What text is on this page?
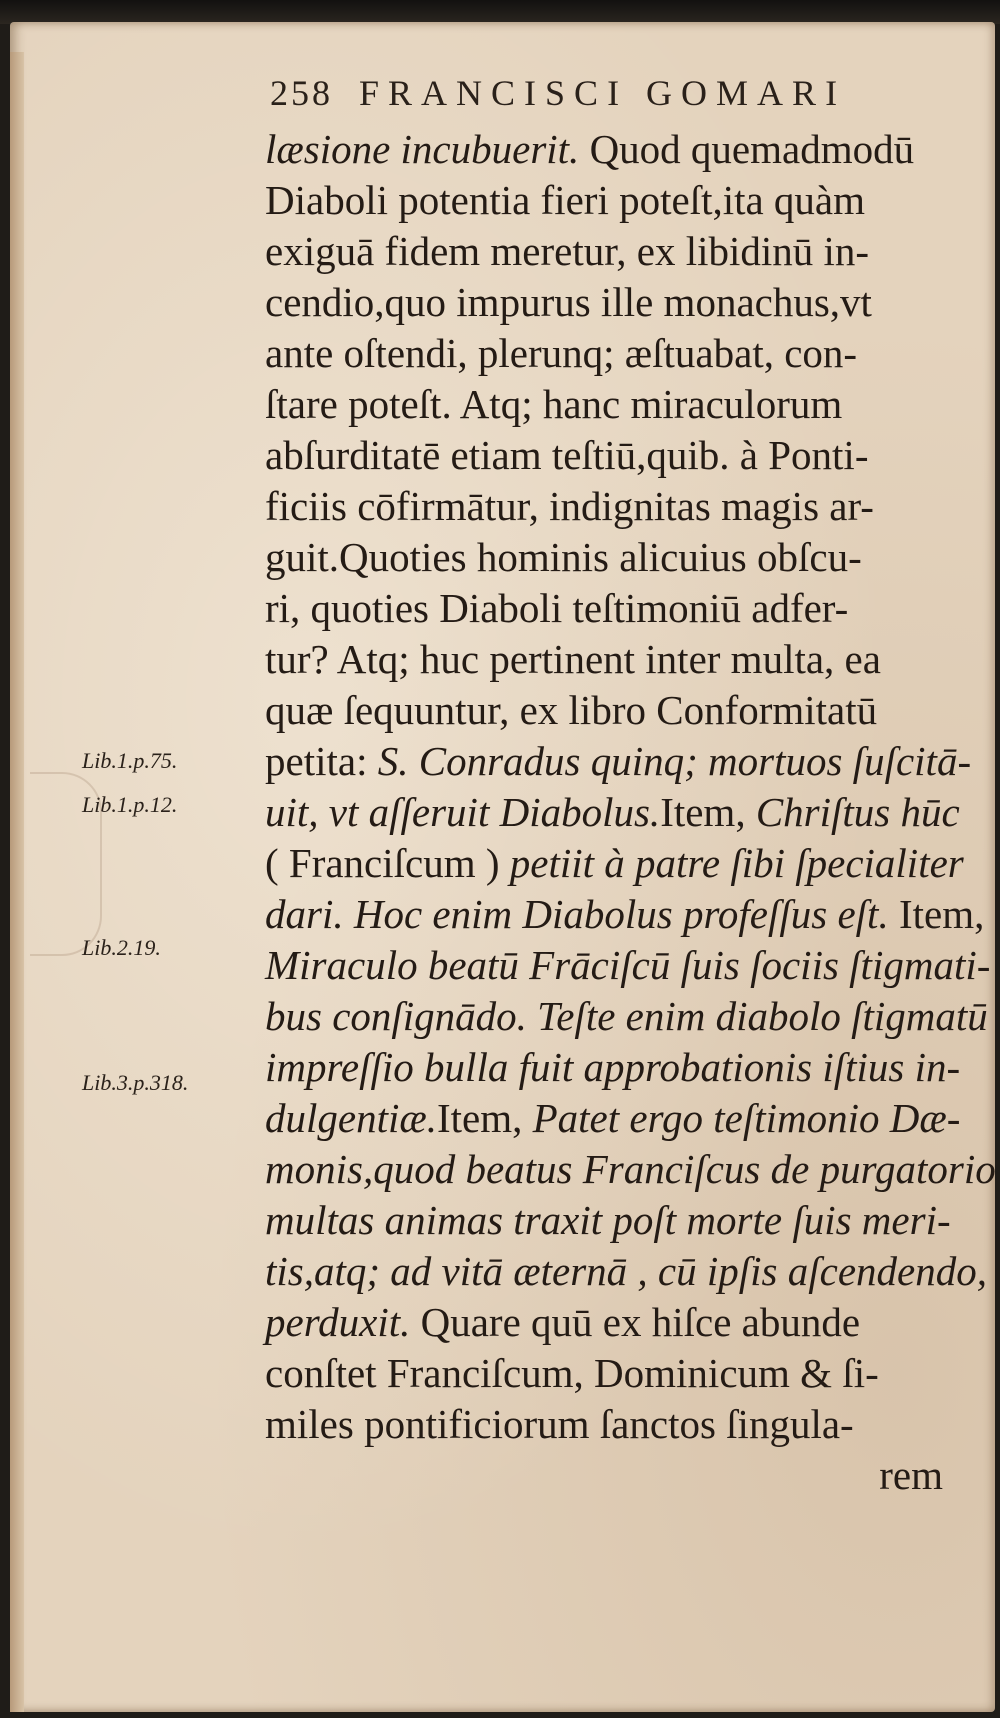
258 FRANCISCI GOMARI
læsione incubuerit. Quod quemadmodū
Diaboli potentia fieri poteſt,ita quàm
exiguā fidem meretur, ex libidinū in-
cendio,quo impurus ille monachus,vt
ante oſtendi, plerunq; æſtuabat, con-
ſtare poteſt. Atq; hanc miraculorum
abſurditatē etiam teſtiū,quib. à Ponti-
ficiis cōfirmātur, indignitas magis ar-
guit.Quoties hominis alicuius obſcu-
ri, quoties Diaboli teſtimoniū adfer-
tur? Atq; huc pertinent inter multa, ea
quæ ſequuntur, ex libro Conformitatū
petita: S. Conradus quinq; mortuos ſuſcitā-
uit, vt aſſeruit Diabolus.Item, Chriſtus hūc
( Franciſcum ) petiit à patre ſibi ſpecialiter
dari. Hoc enim Diabolus profeſſus eſt. Item,
Miraculo beatū Frāciſcū ſuis ſociis ſtigmati-
bus conſignādo. Teſte enim diabolo ſtigmatū
impreſſio bulla fuit approbationis iſtius in-
dulgentiæ.Item, Patet ergo teſtimonio Dæ-
monis,quod beatus Franciſcus de purgatorio
multas animas traxit poſt morte ſuis meri-
tis,atq; ad vitā æternā , cū ipſis aſcendendo,
perduxit. Quare quū ex hiſce abunde
conſtet Franciſcum, Dominicum & ſi-
miles pontificiorum ſanctos ſingula-
rem
Lib.1.p.75.
Lib.1.p.12.
Lib.2.19.
Lib.3.p.318.
